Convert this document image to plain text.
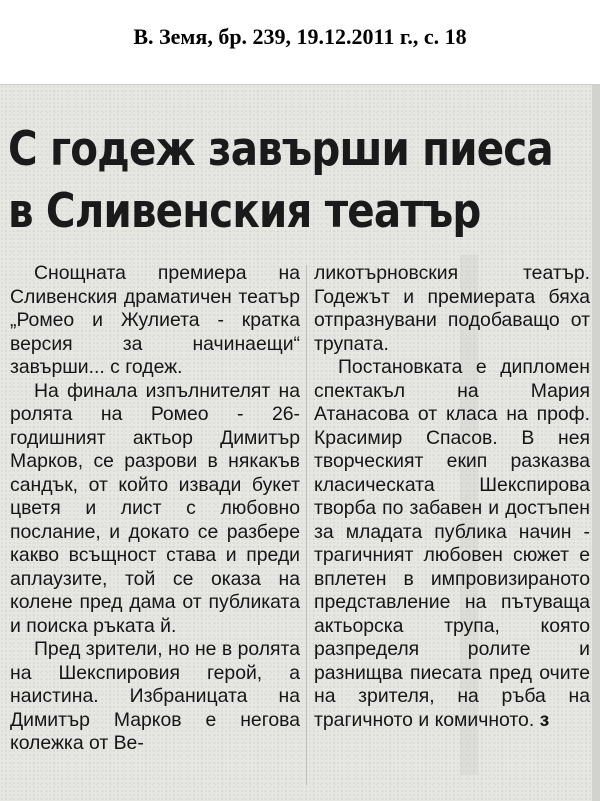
В. Земя, бр. 239, 19.12.2011 г., с. 18
С годеж завърши пиеса
в Сливенския театър

Снощната премиера на Сливенския драматичен театър „Ромео и Жулиета - кратка версия за начинаещи“ завърши... с годеж.

На финала изпълнителят на ролята на Ромео - 26-годишният актьор Димитър Марков, се разрови в някакъв сандък, от който извади букет цветя и лист с любовно послание, и докато се разбере какво всъщност става и преди аплаузите, той се оказа на колене пред дама от публиката и поиска ръката й.

Пред зрители, но не в ролята на Шекспировия герой, а наистина. Избраницата на Димитър Марков е негова колежка от Ве-

ликотърновския театър. Годежът и премиерата бяха отпразнувани подобаващо от трупата.

Постановката е дипломен спектакъл на Мария Атанасова от класа на проф. Красимир Спасов. В нея творческият екип разказва класическата Шекспирова творба по забавен и достъпен за младата публика начин - трагичният любовен сюжет е вплетен в импровизираното представление на пътуваща актьорска трупа, която разпределя ролите и разнищва пиесата пред очите на зрителя, на ръба на трагичното и комичното. з
